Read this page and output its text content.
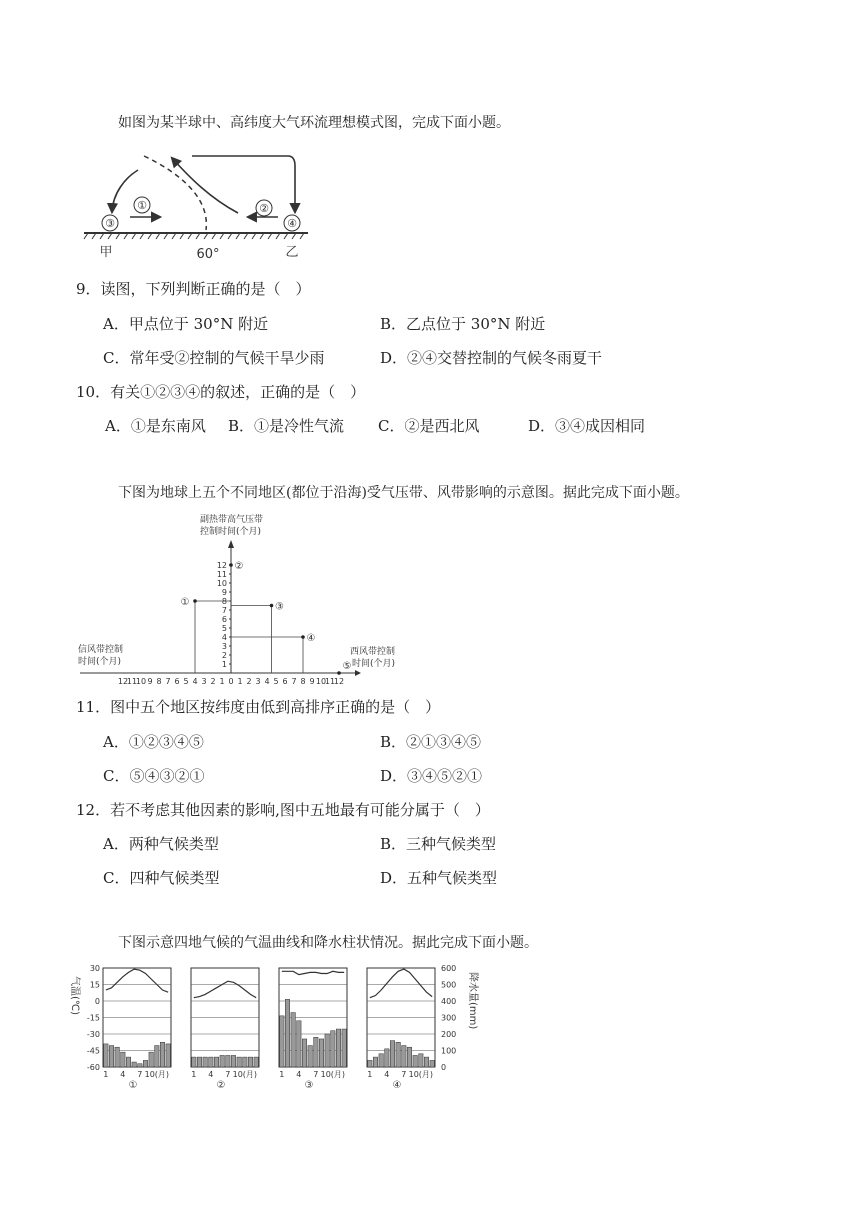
如图为某半球中、高纬度大气环流理想模式图，完成下面小题。
①	②
③	④
甲	60°	乙
9．读图，下列判断正确的是（　）
A．甲点位于 30°N 附近	B．乙点位于 30°N 附近
C．常年受②控制的气候干旱少雨	D．②④交替控制的气候冬雨夏干
10．有关①②③④的叙述，正确的是（　）
A．①是东南风 B．①是冷性气流 C．②是西北风	D．③④成因相同
下图为地球上五个不同地区(都位于沿海)受气压带、风带影响的示意图。据此完成下面小题。
副热带高气压带
控制时间(个月)
信风带控制
时间(个月)
西风带控制
时间(个月)
1
2
3
4
5
6
7
8
9
10
11
12
12
11
10 9 8 7 6 5 4 3 2 1 0 1 2 3 4 5 6 7 8 9 10
11
12
①
②
③
④
⑤
11．图中五个地区按纬度由低到高排序正确的是（　）
A．①②③④⑤	B．②①③④⑤
C．⑤④③②①	D．③④⑤②①
12．若不考虑其他因素的影响,图中五地最有可能分属于（　）
A．两种气候类型	B．三种气候类型
C．四种气候类型	D．五种气候类型
下图示意四地气候的气温曲线和降水柱状情况。据此完成下面小题。
气温(℃)	降水量(mm)
30
15
0
-15
-30
-45
-60
600
500
400
300
200
100
0
1 4 7 10(月)
①
1 4 7 10(月)
②
1 4 7 10(月)
③
1 4 7 10(月)
④
